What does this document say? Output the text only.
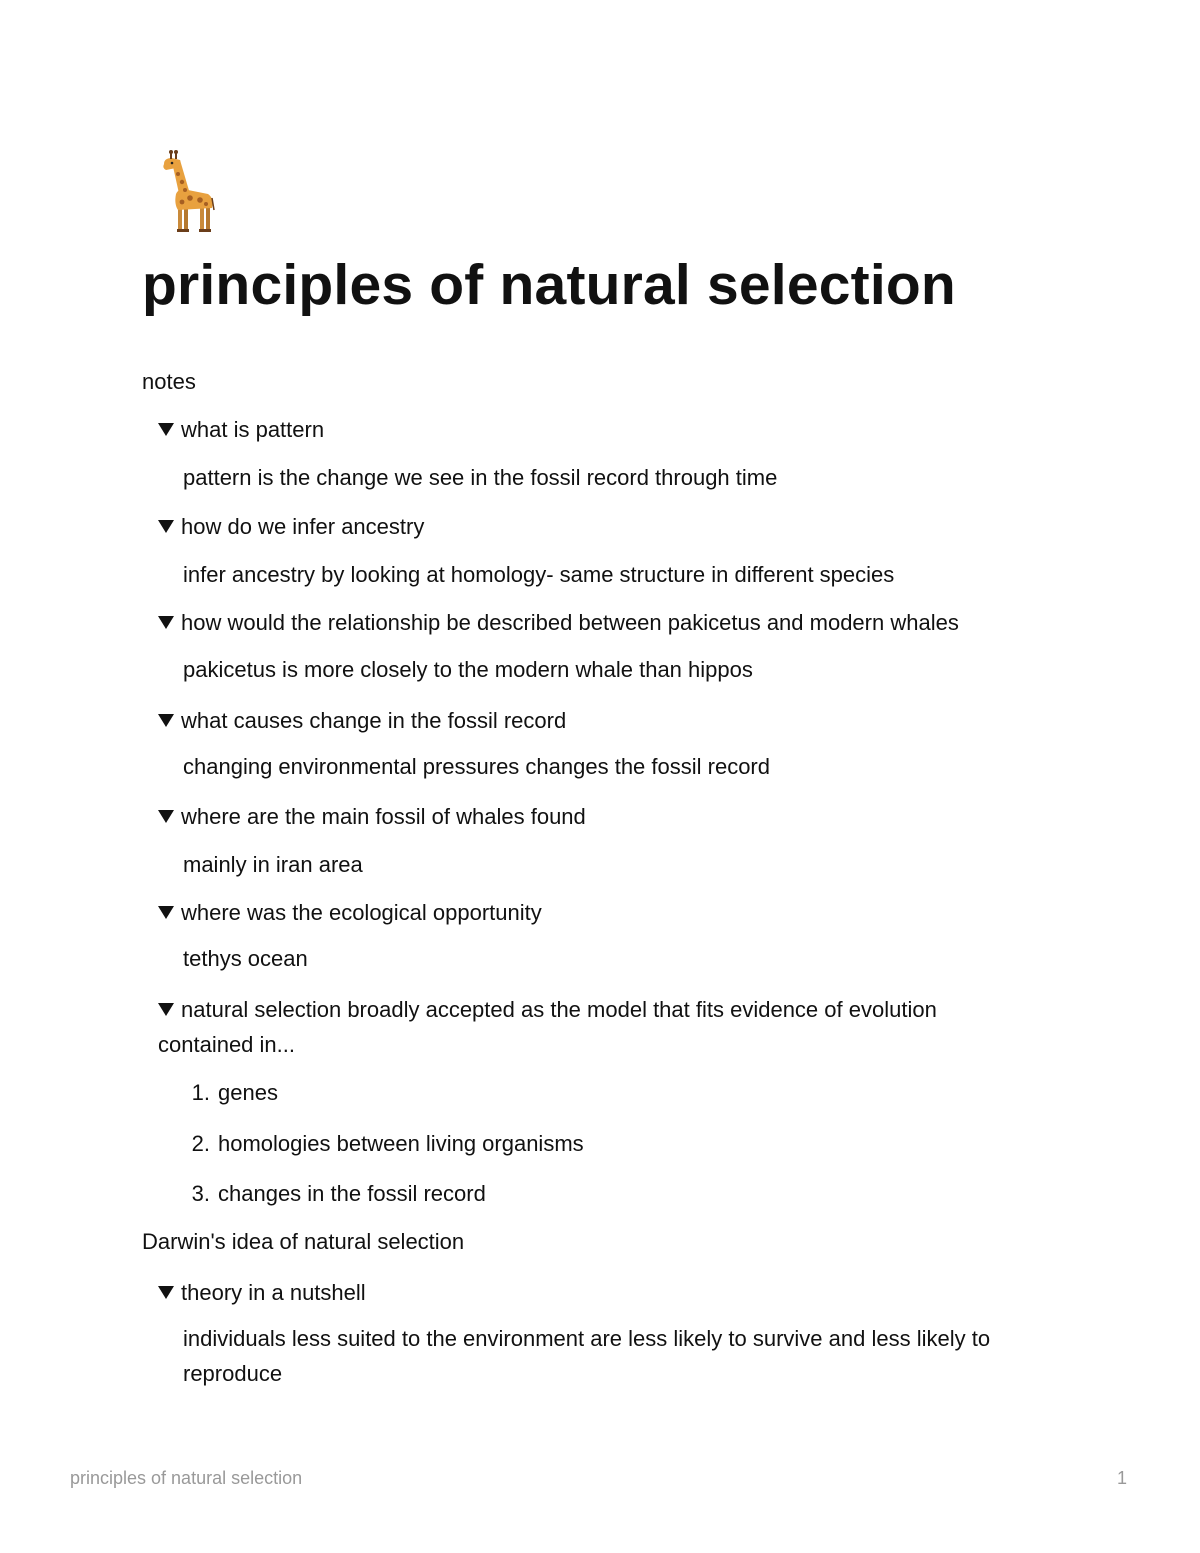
principles of natural selection

notes

what is pattern

pattern is the change we see in the fossil record through time

how do we infer ancestry

infer ancestry by looking at homology- same structure in different species

how would the relationship be described between pakicetus and modern whales

pakicetus is more closely to the modern whale than hippos

what causes change in the fossil record

changing environmental pressures changes the fossil record

where are the main fossil of whales found

mainly in iran area

where was the ecological opportunity

tethys ocean

natural selection broadly accepted as the model that fits evidence of evolution

contained in...

1. genes
2. homologies between living organisms
3. changes in the fossil record

Darwin's idea of natural selection

theory in a nutshell

individuals less suited to the environment are less likely to survive and less likely to

reproduce

principles of natural selection	1
